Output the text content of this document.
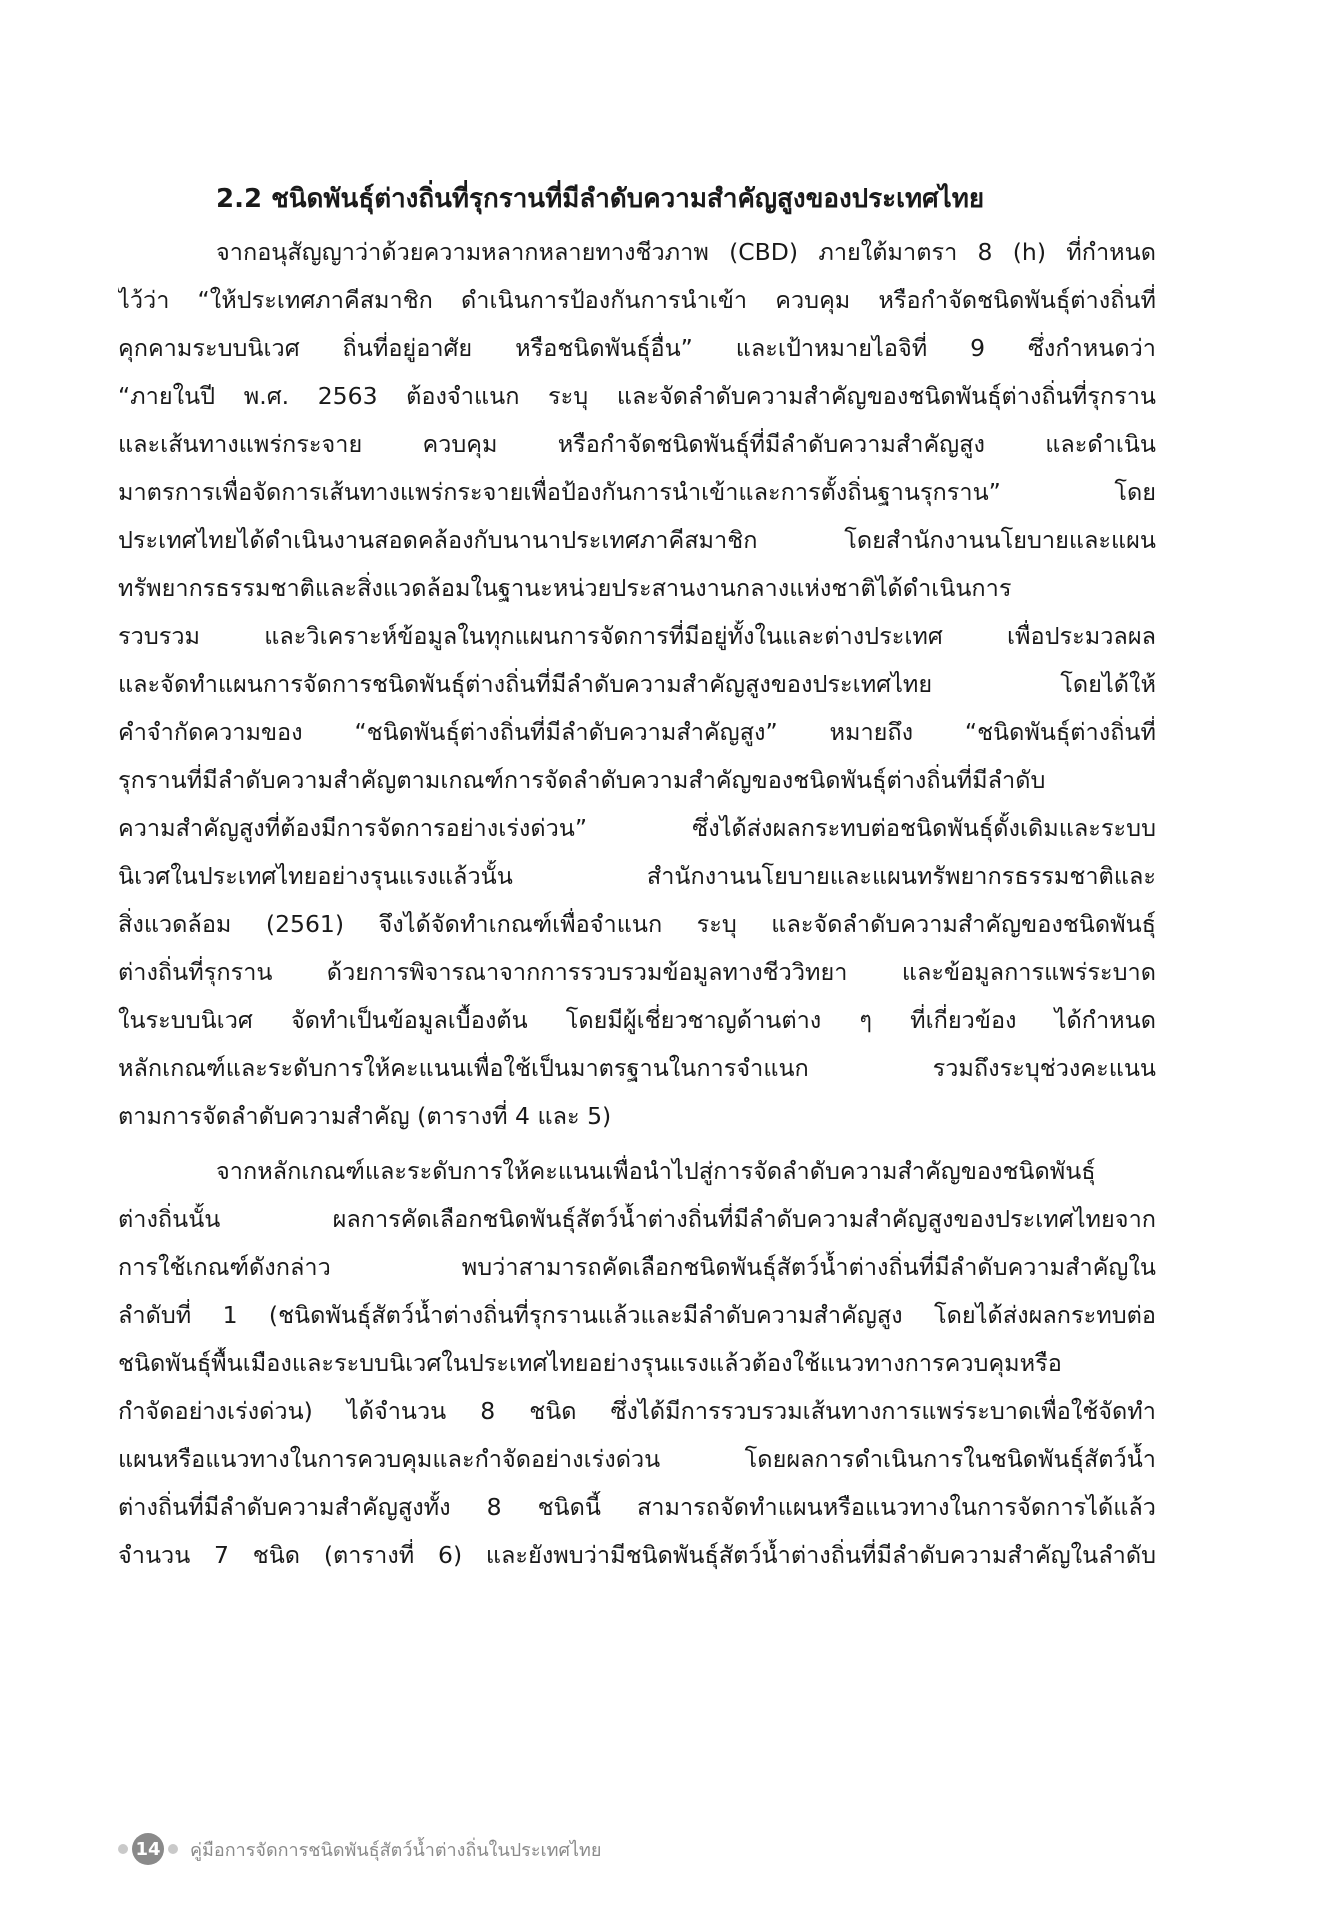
2.2 ชนิดพันธุ์ต่างถิ่นที่รุกรานที่มีลำดับความสำคัญสูงของประเทศไทย
จากอนุสัญญาว่าด้วยความหลากหลายทางชีวภาพ (CBD) ภายใต้มาตรา 8 (h) ที่กำหนด
ไว้ว่า “ให้ประเทศภาคีสมาชิก ดำเนินการป้องกันการนำเข้า ควบคุม หรือกำจัดชนิดพันธุ์ต่างถิ่นที่
คุกคามระบบนิเวศ ถิ่นที่อยู่อาศัย หรือชนิดพันธุ์อื่น” และเป้าหมายไอจิที่ 9 ซึ่งกำหนดว่า
“ภายในปี พ.ศ. 2563 ต้องจำแนก ระบุ และจัดลำดับความสำคัญของชนิดพันธุ์ต่างถิ่นที่รุกราน
และเส้นทางแพร่กระจาย ควบคุม หรือกำจัดชนิดพันธุ์ที่มีลำดับความสำคัญสูง และดำเนิน
มาตรการเพื่อจัดการเส้นทางแพร่กระจายเพื่อป้องกันการนำเข้าและการตั้งถิ่นฐานรุกราน” โดย
ประเทศไทยได้ดำเนินงานสอดคล้องกับนานาประเทศภาคีสมาชิก โดยสำนักงานนโยบายและแผน
ทรัพยากรธรรมชาติและสิ่งแวดล้อมในฐานะหน่วยประสานงานกลางแห่งชาติได้ดำเนินการ
รวบรวม และวิเคราะห์ข้อมูลในทุกแผนการจัดการที่มีอยู่ทั้งในและต่างประเทศ เพื่อประมวลผล
และจัดทำแผนการจัดการชนิดพันธุ์ต่างถิ่นที่มีลำดับความสำคัญสูงของประเทศไทย โดยได้ให้
คำจำกัดความของ “ชนิดพันธุ์ต่างถิ่นที่มีลำดับความสำคัญสูง” หมายถึง “ชนิดพันธุ์ต่างถิ่นที่
รุกรานที่มีลำดับความสำคัญตามเกณฑ์การจัดลำดับความสำคัญของชนิดพันธุ์ต่างถิ่นที่มีลำดับ
ความสำคัญสูงที่ต้องมีการจัดการอย่างเร่งด่วน” ซึ่งได้ส่งผลกระทบต่อชนิดพันธุ์ดั้งเดิมและระบบ
นิเวศในประเทศไทยอย่างรุนแรงแล้วนั้น สำนักงานนโยบายและแผนทรัพยากรธรรมชาติและ
สิ่งแวดล้อม (2561) จึงได้จัดทำเกณฑ์เพื่อจำแนก ระบุ และจัดลำดับความสำคัญของชนิดพันธุ์
ต่างถิ่นที่รุกราน ด้วยการพิจารณาจากการรวบรวมข้อมูลทางชีววิทยา และข้อมูลการแพร่ระบาด
ในระบบนิเวศ จัดทำเป็นข้อมูลเบื้องต้น โดยมีผู้เชี่ยวชาญด้านต่าง ๆ ที่เกี่ยวข้อง ได้กำหนด
หลักเกณฑ์และระดับการให้คะแนนเพื่อใช้เป็นมาตรฐานในการจำแนก รวมถึงระบุช่วงคะแนน
ตามการจัดลำดับความสำคัญ (ตารางที่ 4 และ 5)
จากหลักเกณฑ์และระดับการให้คะแนนเพื่อนำไปสู่การจัดลำดับความสำคัญของชนิดพันธุ์
ต่างถิ่นนั้น ผลการคัดเลือกชนิดพันธุ์สัตว์น้ำต่างถิ่นที่มีลำดับความสำคัญสูงของประเทศไทยจาก
การใช้เกณฑ์ดังกล่าว พบว่าสามารถคัดเลือกชนิดพันธุ์สัตว์น้ำต่างถิ่นที่มีลำดับความสำคัญใน
ลำดับที่ 1 (ชนิดพันธุ์สัตว์น้ำต่างถิ่นที่รุกรานแล้วและมีลำดับความสำคัญสูง โดยได้ส่งผลกระทบต่อ
ชนิดพันธุ์พื้นเมืองและระบบนิเวศในประเทศไทยอย่างรุนแรงแล้วต้องใช้แนวทางการควบคุมหรือ
กำจัดอย่างเร่งด่วน) ได้จำนวน 8 ชนิด ซึ่งได้มีการรวบรวมเส้นทางการแพร่ระบาดเพื่อใช้จัดทำ
แผนหรือแนวทางในการควบคุมและกำจัดอย่างเร่งด่วน โดยผลการดำเนินการในชนิดพันธุ์สัตว์น้ำ
ต่างถิ่นที่มีลำดับความสำคัญสูงทั้ง 8 ชนิดนี้ สามารถจัดทำแผนหรือแนวทางในการจัดการได้แล้ว
จำนวน 7 ชนิด (ตารางที่ 6) และยังพบว่ามีชนิดพันธุ์สัตว์น้ำต่างถิ่นที่มีลำดับความสำคัญในลำดับ
14 คู่มือการจัดการชนิดพันธุ์สัตว์น้ำต่างถิ่นในประเทศไทย
